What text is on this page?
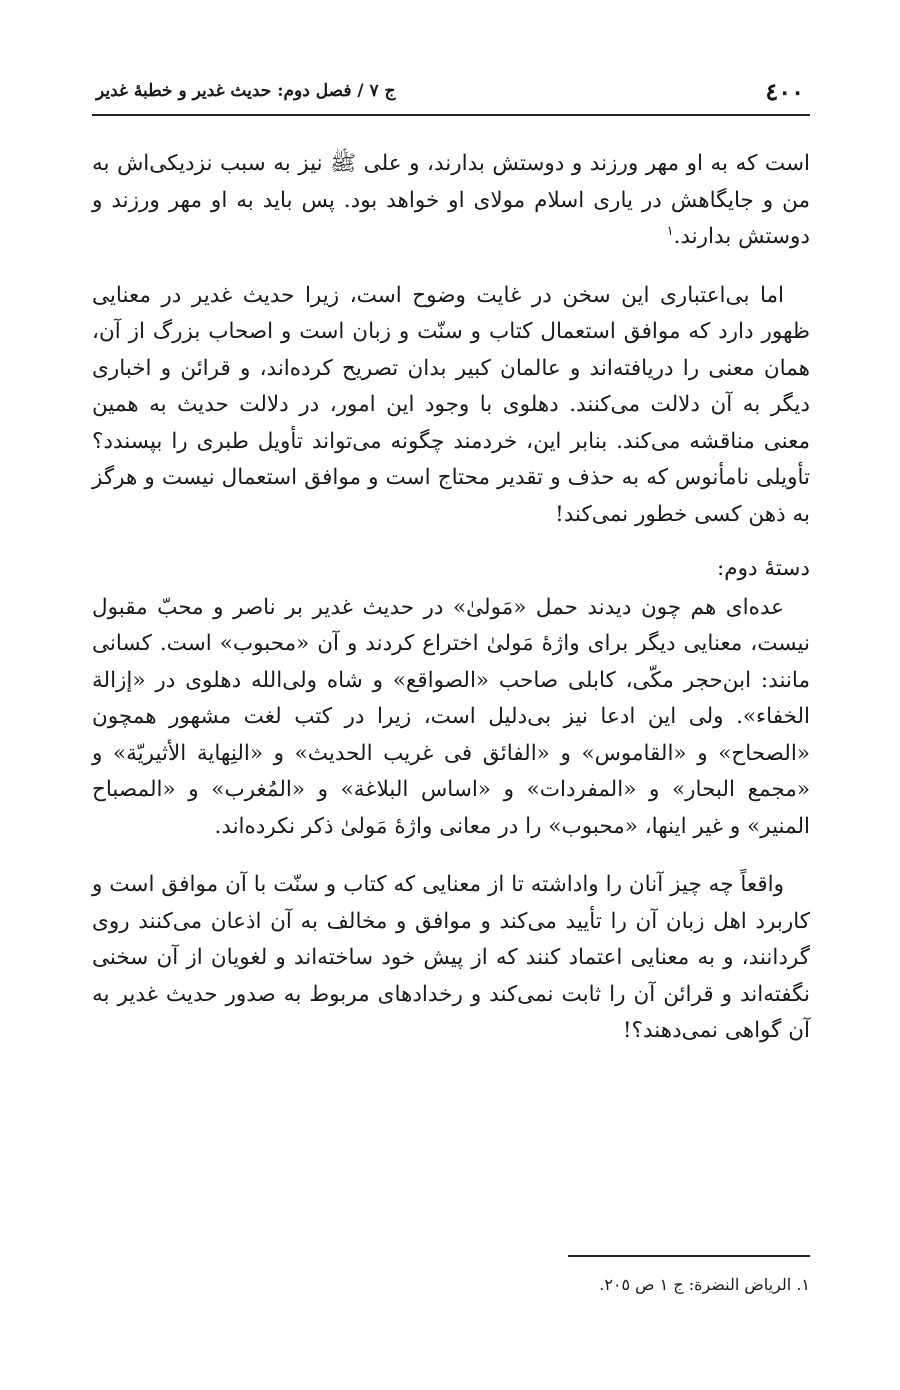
٤٠٠
ج ٧ / فصل دوم: حديث غدير و خطبهٔ غدير

است که به او مهر ورزند و دوستش بدارند، و علی ﷺ نیز به سبب نزدیکی‌اش به من و جایگاهش در یاری اسلام مولای او خواهد بود. پس باید به او مهر ورزند و دوستش بدارند.$^١$

اما بی‌اعتباری این سخن در غایت وضوح است، زیرا حدیث غدیر در معنایی ظهور دارد که موافق استعمال کتاب و سنّت و زبان است و اصحاب بزرگ از آن، همان معنی را دریافته‌اند و عالمان کبیر بدان تصریح کرده‌اند، و قرائن و اخباری دیگر به آن دلالت می‌کنند. دهلوی با وجود این امور، در دلالت حدیث به همین معنی مناقشه می‌کند. بنابر این، خردمند چگونه می‌تواند تأویل طبری را بپسندد؟ تأویلی نامأنوس که به حذف و تقدیر محتاج است و موافق استعمال نیست و هرگز به ذهن کسی خطور نمی‌کند!

دستهٔ دوم:

عده‌ای هم چون دیدند حمل «مَولیٰ» در حدیث غدیر بر ناصر و محبّ مقبول نیست، معنایی دیگر برای واژهٔ مَولیٰ اختراع کردند و آن «محبوب» است. کسانی مانند: ابن‌حجر مکّی، کابلی صاحب «الصواقع» و شاه ولی‌الله دهلوی در «إزالة الخفاء». ولی این ادعا نیز بی‌دلیل است، زیرا در کتب لغت مشهور همچون «الصحاح» و «القاموس» و «الفائق فی غریب الحدیث» و «النِهایة الأثیریّة» و «مجمع البحار» و «المفردات» و «اساس البلاغة» و «المُغرب» و «المصباح المنیر» و غیر اینها، «محبوب» را در معانی واژهٔ مَولیٰ ذکر نکرده‌اند.

واقعاً چه چیز آنان را واداشته تا از معنایی که کتاب و سنّت با آن موافق است و کاربرد اهل زبان آن را تأیید می‌کند و موافق و مخالف به آن اذعان می‌کنند روی گردانند، و به معنایی اعتماد کنند که از پیش خود ساخته‌اند و لغویان از آن سخنی نگفته‌اند و قرائن آن را ثابت نمی‌کند و رخدادهای مربوط به صدور حدیث غدیر به آن گواهی نمی‌دهند؟!

١. الریاض النضرة: ج ١ ص ٢٠٥.
